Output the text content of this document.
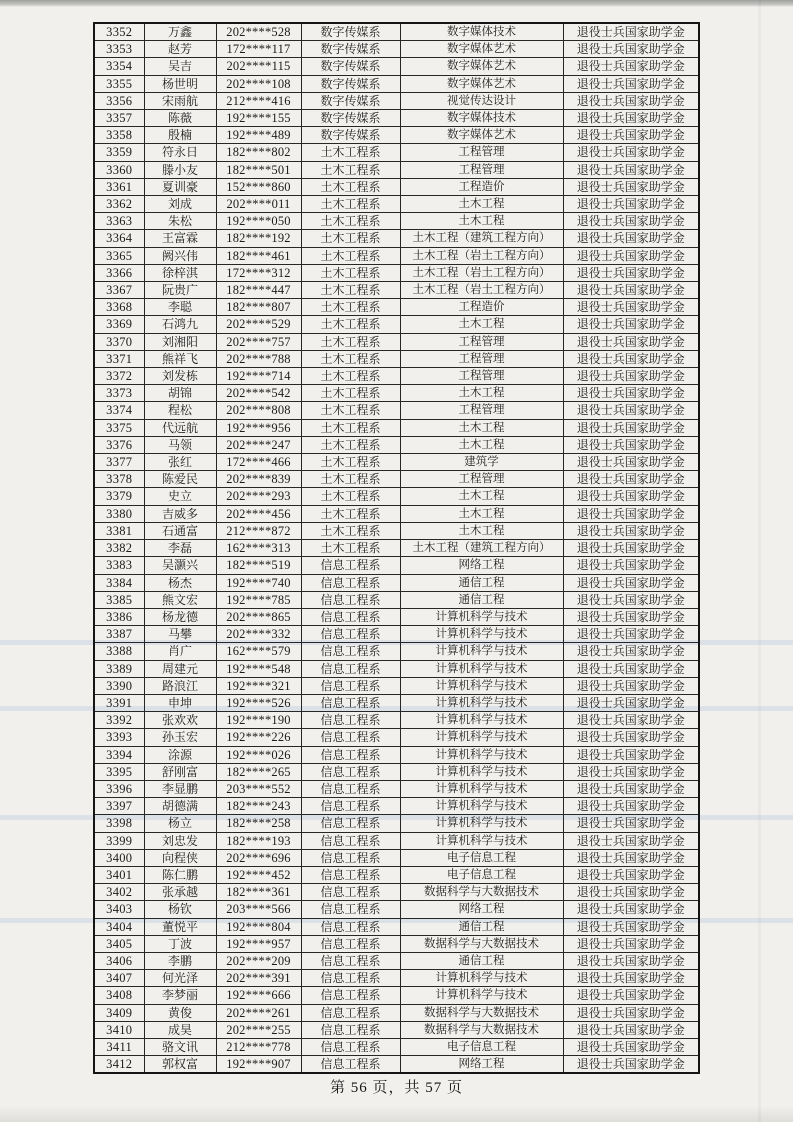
3352	万鑫	202****528	数字传媒系	数字媒体技术	退役士兵国家助学金
3353	赵芳	172****117	数字传媒系	数字媒体艺术	退役士兵国家助学金
3354	吴吉	202****115	数字传媒系	数字媒体艺术	退役士兵国家助学金
3355	杨世明	202****108	数字传媒系	数字媒体艺术	退役士兵国家助学金
3356	宋雨航	212****416	数字传媒系	视觉传达设计	退役士兵国家助学金
3357	陈薇	192****155	数字传媒系	数字媒体技术	退役士兵国家助学金
3358	殷楠	192****489	数字传媒系	数字媒体艺术	退役士兵国家助学金
3359	符永日	182****802	土木工程系	工程管理	退役士兵国家助学金
3360	滕小友	182****501	土木工程系	工程管理	退役士兵国家助学金
3361	夏训豪	152****860	土木工程系	工程造价	退役士兵国家助学金
3362	刘成	202****011	土木工程系	土木工程	退役士兵国家助学金
3363	朱松	192****050	土木工程系	土木工程	退役士兵国家助学金
3364	王富霖	182****192	土木工程系	土木工程（建筑工程方向）	退役士兵国家助学金
3365	阙兴伟	182****461	土木工程系	土木工程（岩土工程方向）	退役士兵国家助学金
3366	徐梓淇	172****312	土木工程系	土木工程（岩土工程方向）	退役士兵国家助学金
3367	阮贵广	182****447	土木工程系	土木工程（岩土工程方向）	退役士兵国家助学金
3368	李聪	182****807	土木工程系	工程造价	退役士兵国家助学金
3369	石鸿九	202****529	土木工程系	土木工程	退役士兵国家助学金
3370	刘湘阳	202****757	土木工程系	工程管理	退役士兵国家助学金
3371	熊祥飞	202****788	土木工程系	工程管理	退役士兵国家助学金
3372	刘发栋	192****714	土木工程系	工程管理	退役士兵国家助学金
3373	胡锦	202****542	土木工程系	土木工程	退役士兵国家助学金
3374	程松	202****808	土木工程系	工程管理	退役士兵国家助学金
3375	代远航	192****956	土木工程系	土木工程	退役士兵国家助学金
3376	马领	202****247	土木工程系	土木工程	退役士兵国家助学金
3377	张红	172****466	土木工程系	建筑学	退役士兵国家助学金
3378	陈爱民	202****839	土木工程系	工程管理	退役士兵国家助学金
3379	史立	202****293	土木工程系	土木工程	退役士兵国家助学金
3380	吉威多	202****456	土木工程系	土木工程	退役士兵国家助学金
3381	石通富	212****872	土木工程系	土木工程	退役士兵国家助学金
3382	李磊	162****313	土木工程系	土木工程（建筑工程方向）	退役士兵国家助学金
3383	吴灏兴	182****519	信息工程系	网络工程	退役士兵国家助学金
3384	杨杰	192****740	信息工程系	通信工程	退役士兵国家助学金
3385	熊文宏	192****785	信息工程系	通信工程	退役士兵国家助学金
3386	杨龙德	202****865	信息工程系	计算机科学与技术	退役士兵国家助学金
3387	马攀	202****332	信息工程系	计算机科学与技术	退役士兵国家助学金
3388	肖广	162****579	信息工程系	计算机科学与技术	退役士兵国家助学金
3389	周建元	192****548	信息工程系	计算机科学与技术	退役士兵国家助学金
3390	路浪江	192****321	信息工程系	计算机科学与技术	退役士兵国家助学金
3391	申坤	192****526	信息工程系	计算机科学与技术	退役士兵国家助学金
3392	张欢欢	192****190	信息工程系	计算机科学与技术	退役士兵国家助学金
3393	孙玉宏	192****226	信息工程系	计算机科学与技术	退役士兵国家助学金
3394	涂源	192****026	信息工程系	计算机科学与技术	退役士兵国家助学金
3395	舒刚富	182****265	信息工程系	计算机科学与技术	退役士兵国家助学金
3396	李显鹏	203****552	信息工程系	计算机科学与技术	退役士兵国家助学金
3397	胡德满	182****243	信息工程系	计算机科学与技术	退役士兵国家助学金
3398	杨立	182****258	信息工程系	计算机科学与技术	退役士兵国家助学金
3399	刘忠发	182****193	信息工程系	计算机科学与技术	退役士兵国家助学金
3400	向程侠	202****696	信息工程系	电子信息工程	退役士兵国家助学金
3401	陈仁鹏	192****452	信息工程系	电子信息工程	退役士兵国家助学金
3402	张承越	182****361	信息工程系	数据科学与大数据技术	退役士兵国家助学金
3403	杨钦	203****566	信息工程系	网络工程	退役士兵国家助学金
3404	董悦平	192****804	信息工程系	通信工程	退役士兵国家助学金
3405	丁波	192****957	信息工程系	数据科学与大数据技术	退役士兵国家助学金
3406	李鹏	202****209	信息工程系	通信工程	退役士兵国家助学金
3407	何光泽	202****391	信息工程系	计算机科学与技术	退役士兵国家助学金
3408	李梦丽	192****666	信息工程系	计算机科学与技术	退役士兵国家助学金
3409	黄俊	202****261	信息工程系	数据科学与大数据技术	退役士兵国家助学金
3410	成昊	202****255	信息工程系	数据科学与大数据技术	退役士兵国家助学金
3411	骆文讯	212****778	信息工程系	电子信息工程	退役士兵国家助学金
3412	郭权富	192****907	信息工程系	网络工程	退役士兵国家助学金
第 56 页，共 57 页
